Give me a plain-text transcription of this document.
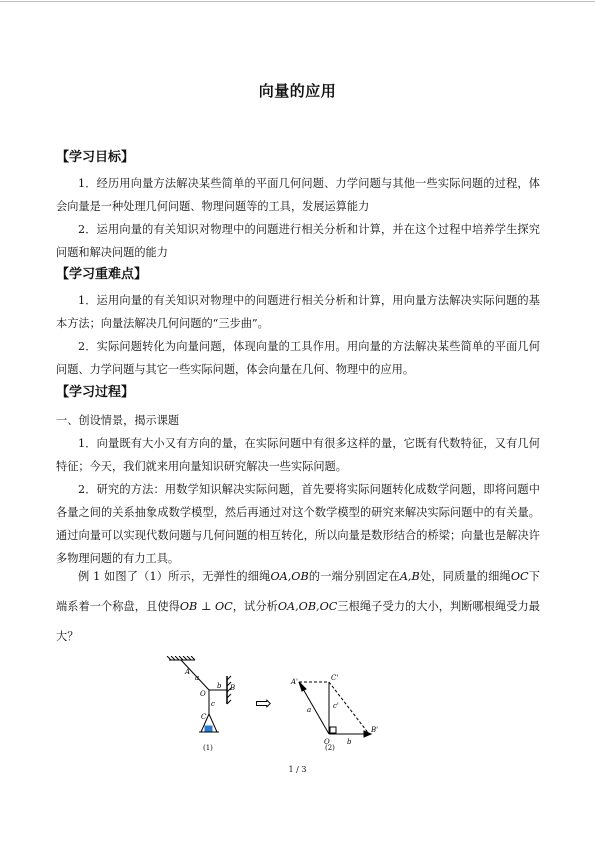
向量的应用
【学习目标】
1．经历用向量方法解决某些简单的平面几何问题、力学问题与其他一些实际问题的过程，体会向量是一种处理几何问题、物理问题等的工具，发展运算能力
2．运用向量的有关知识对物理中的问题进行相关分析和计算，并在这个过程中培养学生探究问题和解决问题的能力
【学习重难点】
1．运用向量的有关知识对物理中的问题进行相关分析和计算，用向量方法解决实际问题的基本方法；向量法解决几何问题的“三步曲”。
2．实际问题转化为向量问题，体现向量的工具作用。用向量的方法解决某些简单的平面几何问题、力学问题与其它一些实际问题，体会向量在几何、物理中的应用。
【学习过程】
一、创设情景，揭示课题
1．向量既有大小又有方向的量，在实际问题中有很多这样的量，它既有代数特征，又有几何特征；今天，我们就来用向量知识研究解决一些实际问题。
2．研究的方法：用数学知识解决实际问题，首先要将实际问题转化成数学问题，即将问题中各量之间的关系抽象成数学模型，然后再通过对这个数学模型的研究来解决实际问题中的有关量。通过向量可以实现代数问题与几何问题的相互转化，所以向量是数形结合的桥梁；向量也是解决许多物理问题的有力工具。
例 1 如图了（1）所示，无弹性的细绳OA,OB的一端分别固定在A,B处，同质量的细绳OC下端系着一个称盘，且使得OB ⊥ OC，试分析OA,OB,OC三根绳子受力的大小，判断哪根绳受力最大？
A
a
O
b B
c
C
(1)
⇨
A'	C'
a	c'
O b
B'
(2)
1 / 3
